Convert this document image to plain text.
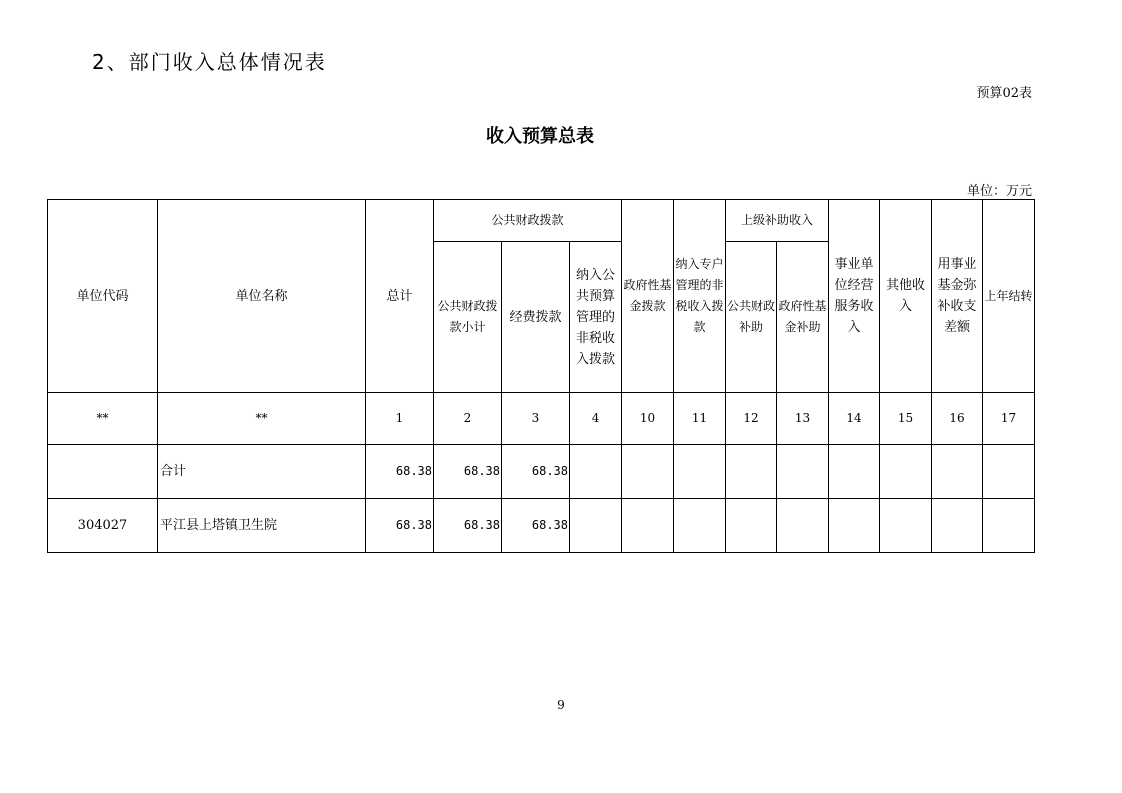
2、部门收入总体情况表
预算02表
收入预算总表
单位：万元
单位代码	单位名称	总计	公共财政拨款			政府性基金拨款	纳入专户管理的非税收入拨款	上级补助收入		事业单位经营服务收入	其他收入	用事业基金弥补收支差额	上年结转
			公共财政拨款小计	经费拨款	纳入公共预算管理的非税收入拨款			公共财政补助	政府性基金补助				

**	**	1	2	3	4	10	11	12	13	14	15	16	17
	合计	68.38	68.38	68.38									
304027	平江县上塔镇卫生院	68.38	68.38	68.38									
9
